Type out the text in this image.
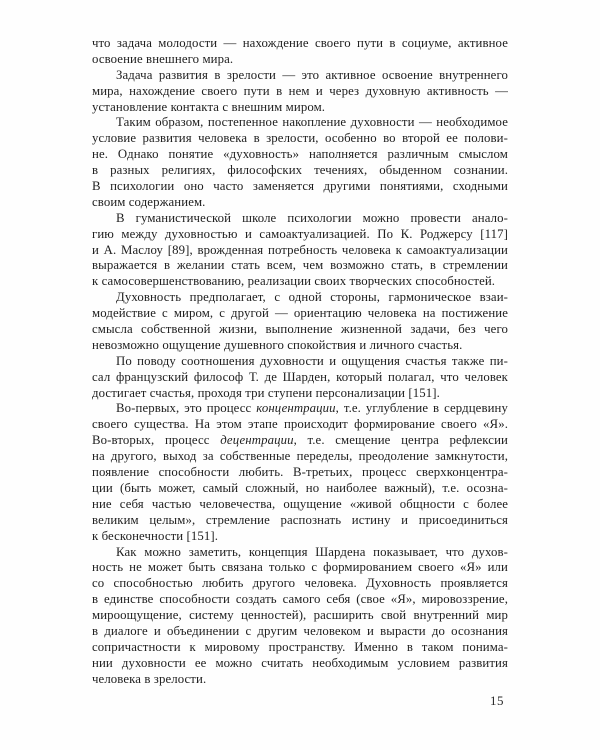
что задача молодости — нахождение своего пути в социуме, активное
освоение внешнего мира.
Задача развития в зрелости — это активное освоение внутреннего
мира, нахождение своего пути в нем и через духовную активность —
установление контакта с внешним миром.
Таким образом, постепенное накопление духовности — необходимое
условие развития человека в зрелости, особенно во второй ее полови-
не. Однако понятие «духовность» наполняется различным смыслом
в разных религиях, философских течениях, обыденном сознании.
В психологии оно часто заменяется другими понятиями, сходными
своим содержанием.
В гуманистической школе психологии можно провести анало-
гию между духовностью и самоактуализацией. По К. Роджерсу [117]
и А. Маслоу [89], врожденная потребность человека к самоактуализации
выражается в желании стать всем, чем возможно стать, в стремлении
к самосовершенствованию, реализации своих творческих способностей.
Духовность предполагает, с одной стороны, гармоническое взаи-
модействие с миром, с другой — ориентацию человека на постижение
смысла собственной жизни, выполнение жизненной задачи, без чего
невозможно ощущение душевного спокойствия и личного счастья.
По поводу соотношения духовности и ощущения счастья также пи-
сал французский философ Т. де Шарден, который полагал, что человек
достигает счастья, проходя три ступени персонализации [151].
Во-первых, это процесс концентрации, т.е. углубление в сердцевину
своего существа. На этом этапе происходит формирование своего «Я».
Во-вторых, процесс децентрации, т.е. смещение центра рефлексии
на другого, выход за собственные переделы, преодоление замкнутости,
появление способности любить. В-третьих, процесс сверхконцентра-
ции (быть может, самый сложный, но наиболее важный), т.е. осозна-
ние себя частью человечества, ощущение «живой общности с более
великим целым», стремление распознать истину и присоединиться
к бесконечности [151].
Как можно заметить, концепция Шардена показывает, что духов-
ность не может быть связана только с формированием своего «Я» или
со способностью любить другого человека. Духовность проявляется
в единстве способности создать самого себя (свое «Я», мировоззрение,
мироощущение, систему ценностей), расширить свой внутренний мир
в диалоге и объединении с другим человеком и вырасти до осознания
сопричастности к мировому пространству. Именно в таком понима-
нии духовности ее можно считать необходимым условием развития
человека в зрелости.
15
